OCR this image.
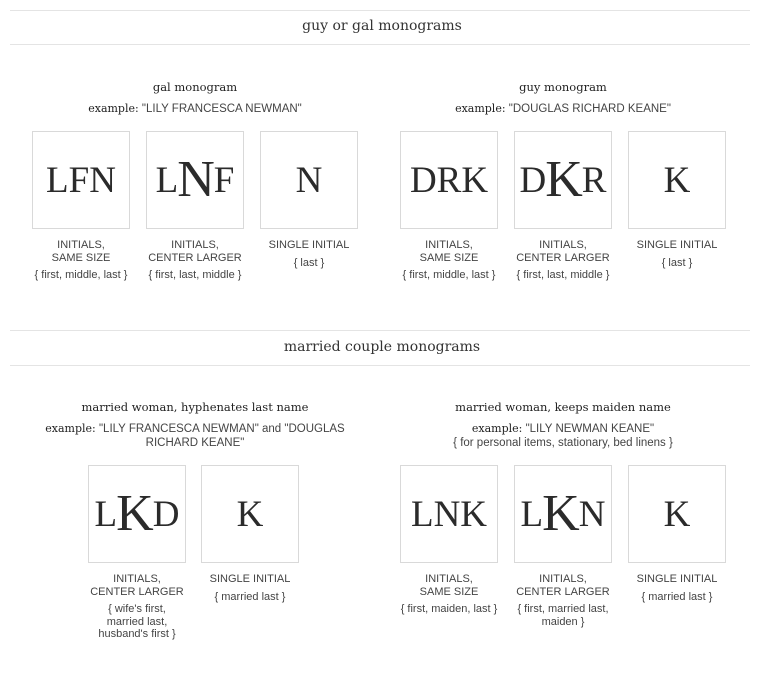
guy or gal monograms
gal monogram
example: "LILY FRANCESCA NEWMAN"
guy monogram
example: "DOUGLAS RICHARD KEANE"
married couple monograms
married woman, hyphenates last name
example: "LILY FRANCESCA NEWMAN" and "DOUGLAS RICHARD KEANE"
married woman, keeps maiden name
example: "LILY NEWMAN KEANE"
{ for personal items, stationary, bed linens }
LFN
INITIALS,
SAME SIZE
{ first, middle, last }
L N F
INITIALS,
CENTER LARGER
{ first, last, middle }
N
SINGLE INITIAL
{ last }
DRK
INITIALS,
SAME SIZE
{ first, middle, last }
D K R
INITIALS,
CENTER LARGER
{ first, last, middle }
K
SINGLE INITIAL
{ last }
L K D
INITIALS,
CENTER LARGER
{ wife's first,
married last,
husband's first }
K
SINGLE INITIAL
{ married last }
LNK
INITIALS,
SAME SIZE
{ first, maiden, last }
L K N
INITIALS,
CENTER LARGER
{ first, married last,
maiden }
K
SINGLE INITIAL
{ married last }
